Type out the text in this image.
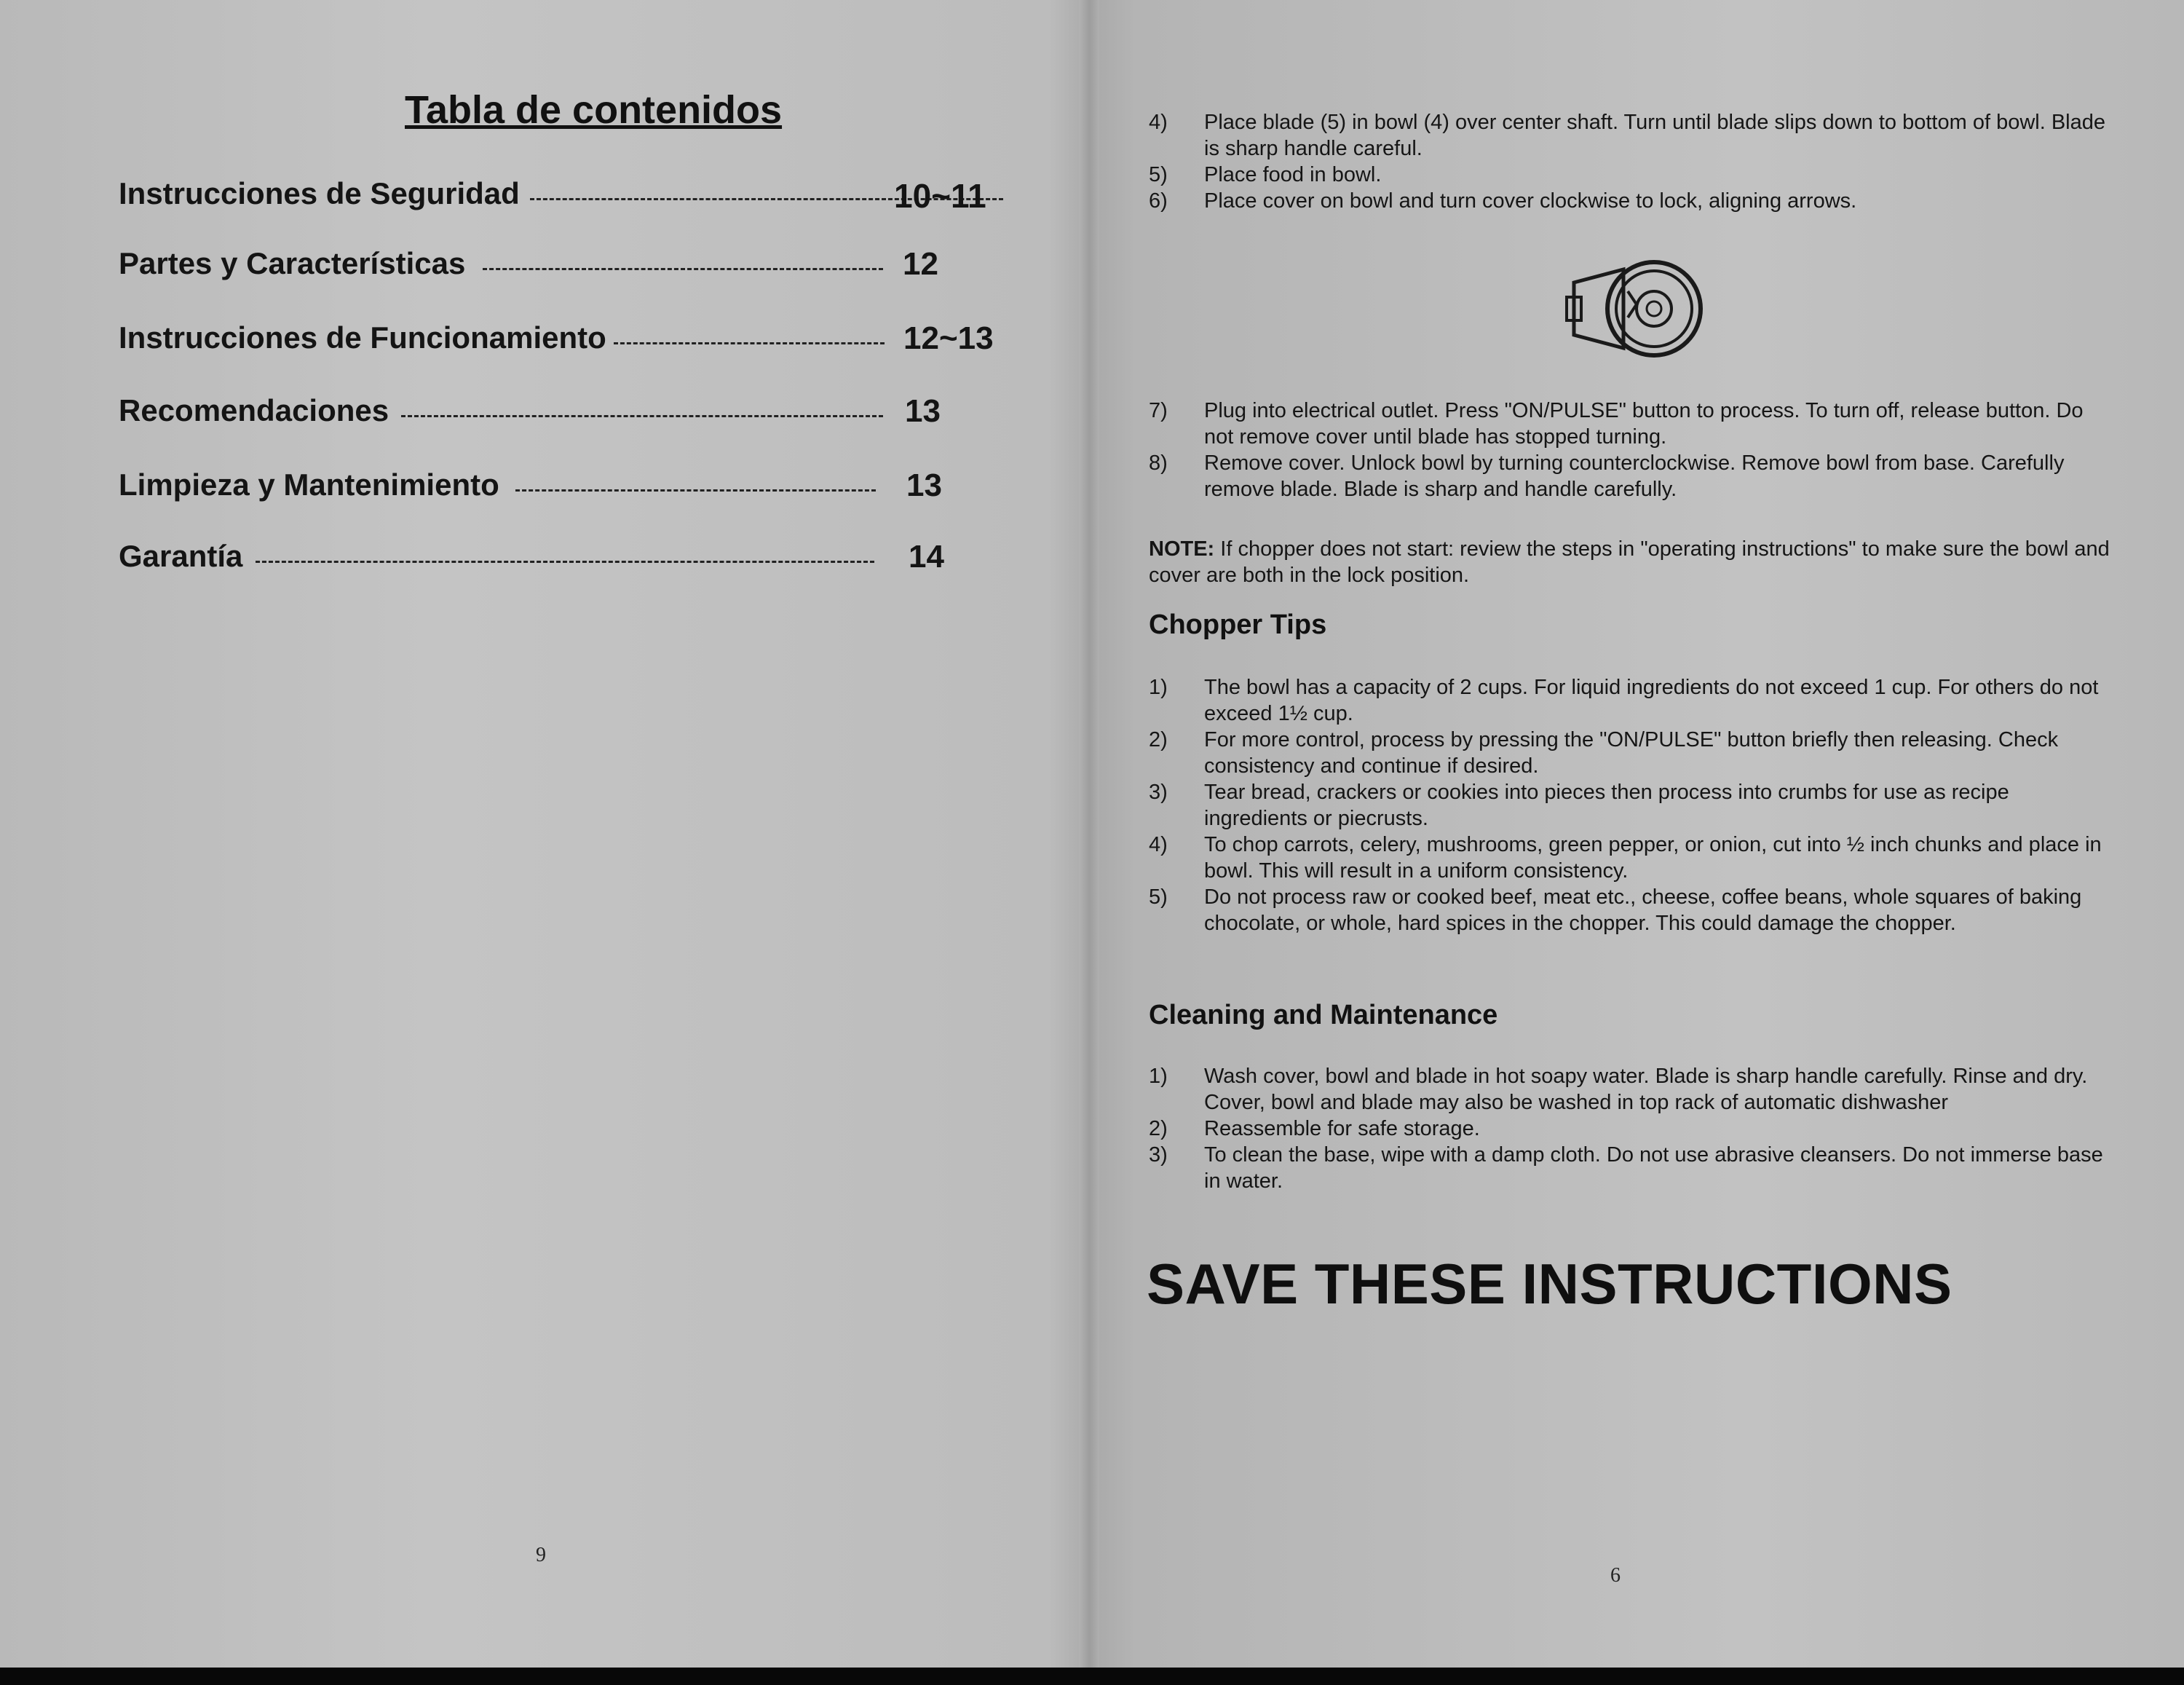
Tabla de contenidos
Instrucciones de Seguridad	10~11
Partes y Características	12
Instrucciones de Funcionamiento	12~13
Recomendaciones	13
Limpieza y Mantenimiento	13
Garantía	14
9
4) Place blade (5) in bowl (4) over center shaft. Turn until blade slips down to bottom of bowl. Blade is sharp handle careful.
5) Place food in bowl.
6) Place cover on bowl and turn cover clockwise to lock, aligning arrows.
7) Plug into electrical outlet. Press "ON/PULSE" button to process. To turn off, release button. Do not remove cover until blade has stopped turning.
8) Remove cover. Unlock bowl by turning counterclockwise. Remove bowl from base. Carefully remove blade. Blade is sharp and handle carefully.
NOTE: If chopper does not start: review the steps in "operating instructions" to make sure the bowl and cover are both in the lock position.
Chopper Tips
1) The bowl has a capacity of 2 cups. For liquid ingredients do not exceed 1 cup. For others do not exceed 1½ cup.
2) For more control, process by pressing the "ON/PULSE" button briefly then releasing. Check consistency and continue if desired.
3) Tear bread, crackers or cookies into pieces then process into crumbs for use as recipe ingredients or piecrusts.
4) To chop carrots, celery, mushrooms, green pepper, or onion, cut into ½ inch chunks and place in bowl. This will result in a uniform consistency.
5) Do not process raw or cooked beef, meat etc., cheese, coffee beans, whole squares of baking chocolate, or whole, hard spices in the chopper. This could damage the chopper.
Cleaning and Maintenance
1) Wash cover, bowl and blade in hot soapy water. Blade is sharp handle carefully. Rinse and dry. Cover, bowl and blade may also be washed in top rack of automatic dishwasher
2) Reassemble for safe storage.
3) To clean the base, wipe with a damp cloth. Do not use abrasive cleansers. Do not immerse base in water.
SAVE THESE INSTRUCTIONS
6
